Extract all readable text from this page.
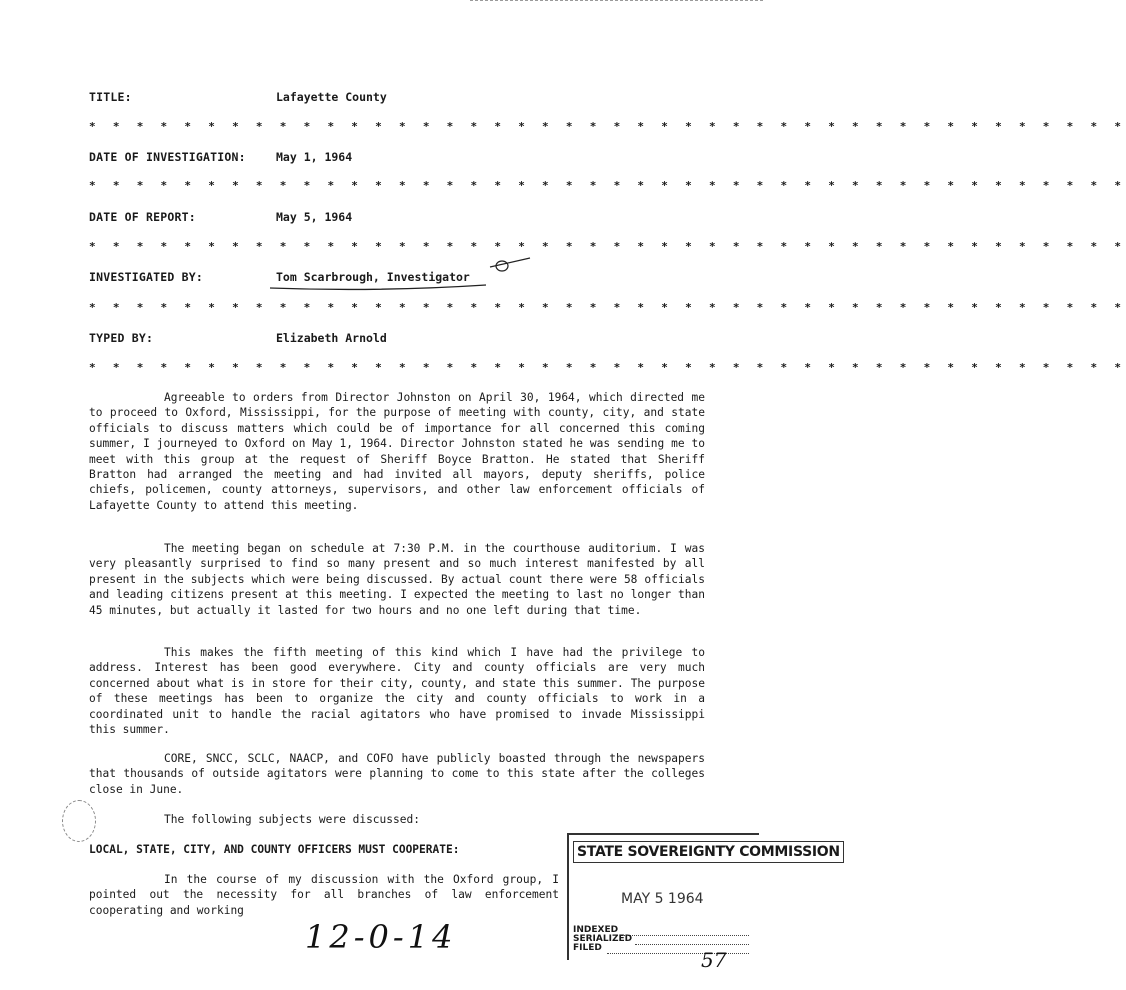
TITLE:	Lafayette County
* * * * * * * * * * * * * * * * * * * * * * * * * * * * * * * * * * * * * * * * * * * *
DATE OF INVESTIGATION:	May 1, 1964
* * * * * * * * * * * * * * * * * * * * * * * * * * * * * * * * * * * * * * * * * * * *
DATE OF REPORT:	May 5, 1964
* * * * * * * * * * * * * * * * * * * * * * * * * * * * * * * * * * * * * * * * * * * *
INVESTIGATED BY:	Tom Scarbrough, Investigator
* * * * * * * * * * * * * * * * * * * * * * * * * * * * * * * * * * * * * * * * * * * *
TYPED BY:	Elizabeth Arnold
* * * * * * * * * * * * * * * * * * * * * * * * * * * * * * * * * * * * * * * * * * * *

Agreeable to orders from Director Johnston on April 30, 1964, which directed me to proceed to Oxford, Mississippi, for the purpose of meeting with county, city, and state officials to discuss matters which could be of importance for all concerned this coming summer, I journeyed to Oxford on May 1, 1964. Director Johnston stated he was sending me to meet with this group at the request of Sheriff Boyce Bratton. He stated that Sheriff Bratton had arranged the meeting and had invited all mayors, deputy sheriffs, police chiefs, policemen, county attorneys, supervisors, and other law enforcement officials of Lafayette County to attend this meeting.

The meeting began on schedule at 7:30 P.M. in the courthouse auditorium. I was very pleasantly surprised to find so many present and so much interest manifested by all present in the subjects which were being discussed. By actual count there were 58 officials and leading citizens present at this meeting. I expected the meeting to last no longer than 45 minutes, but actually it lasted for two hours and no one left during that time.

This makes the fifth meeting of this kind which I have had the privilege to address. Interest has been good everywhere. City and county officials are very much concerned about what is in store for their city, county, and state this summer. The purpose of these meetings has been to organize the city and county officials to work in a coordinated unit to handle the racial agitators who have promised to invade Mississippi this summer.

CORE, SNCC, SCLC, NAACP, and COFO have publicly boasted through the newspapers that thousands of outside agitators were planning to come to this state after the colleges close in June.

The following subjects were discussed:

LOCAL, STATE, CITY, AND COUNTY OFFICERS MUST COOPERATE:

In the course of my discussion with the Oxford group, I pointed out the necessity for all branches of law enforcement cooperating and working

STATE SOVEREIGNTY COMMISSION
MAY 5 1964
INDEXED
SERIALIZED
FILED
12-0-14
57
